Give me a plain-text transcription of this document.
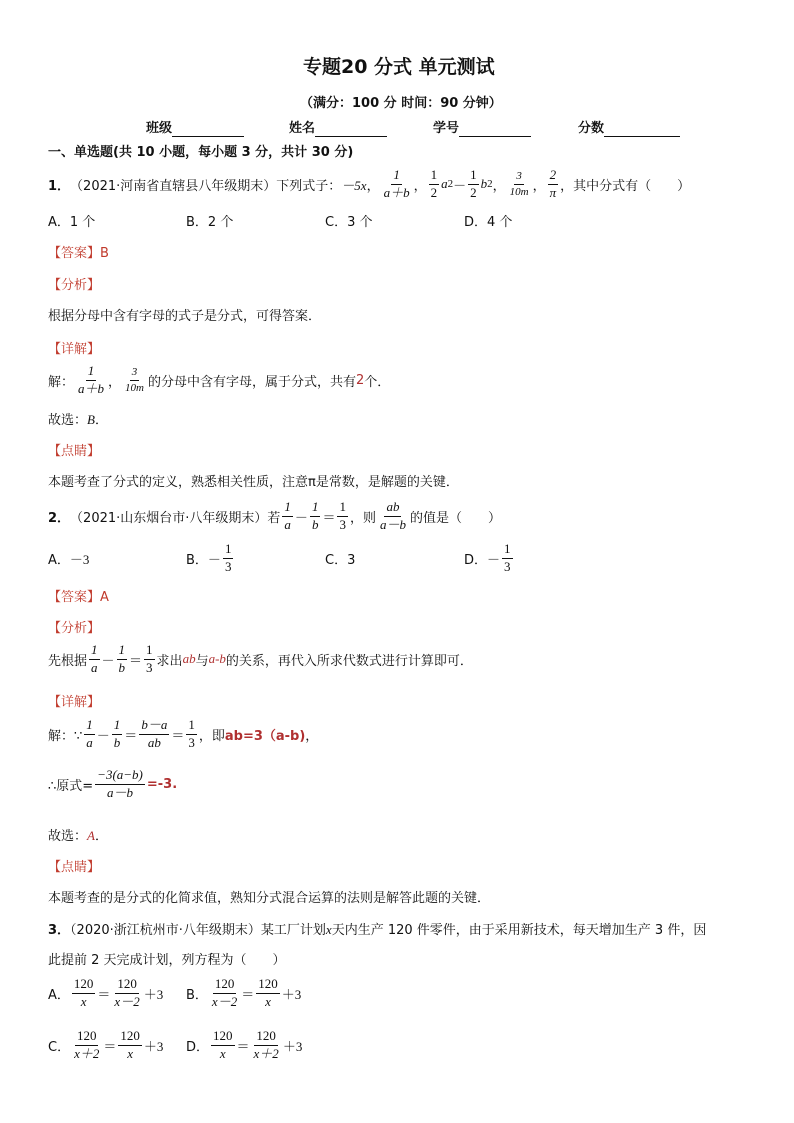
专题20 分式 单元测试
（满分：100 分 时间：90 分钟）
班级	姓名	学号	分数
一、单选题(共 10 小题，每小题 3 分，共计 30 分)
1． （2021·河南省直辖县八年级期末） 下列式子： －5x ， $\frac{1}{a+b}$ ， $\frac{1}{2}$ a $2 - \frac{1}{2}$ b 2 ， $\frac{3}{10m}$ ， $\frac{2}{\pi}$ ，其中分式有（　　）
A．1 个	B．2 个	C．3 个	D．4 个
【答案】B
【分析】
根据分母中含有字母的式子是分式，可得答案．
【详解】
解： $\frac{1}{a+b}$ ， $\frac{3}{10m}$ 的分母中含有字母，属于分式，共有 2 个．
故选：B．
【点睛】
本题考查了分式的定义，熟悉相关性质，注意π是常数，是解题的关键．
2． （2021·山东烟台市·八年级期末） 若 $\frac{1}{a} - \frac{1}{b} = \frac{1}{3}$ ，则 $\frac{ab}{a-b}$ 的值是（　　）
A． －3	B． － $\frac{1}{3}$	C．3	D． － $\frac{1}{3}$
【答案】A
【分析】
先根据 $\frac{1}{a} - \frac{1}{b} = \frac{1}{3}$ 求出 ab 与 a-b 的关系，再代入所求代数式进行计算即可．
【详解】
解：∵ $\frac{1}{a} - \frac{1}{b} = \frac{b-a}{ab} = \frac{1}{3}$ ，即 ab=3（a-b) ，
∴原式= $\frac{-3(a-b)}{a-b} =-3$.
故选：A．
【点睛】
本题考查的是分式的化简求值，熟知分式混合运算的法则是解答此题的关键．
3．（2020·浙江杭州市·八年级期末）某工厂计划x天内生产 120 件零件，由于采用新技术，每天增加生产 3 件，因
此提前 2 天完成计划，列方程为（　　）
A． $\frac{120}{x} = \frac{120}{x-2} +3$ B． $\frac{120}{x-2} = \frac{120}{x} +3$
C． $\frac{120}{x+2} = \frac{120}{x} +3$ D． $\frac{120}{x} = \frac{120}{x+2} +3$
